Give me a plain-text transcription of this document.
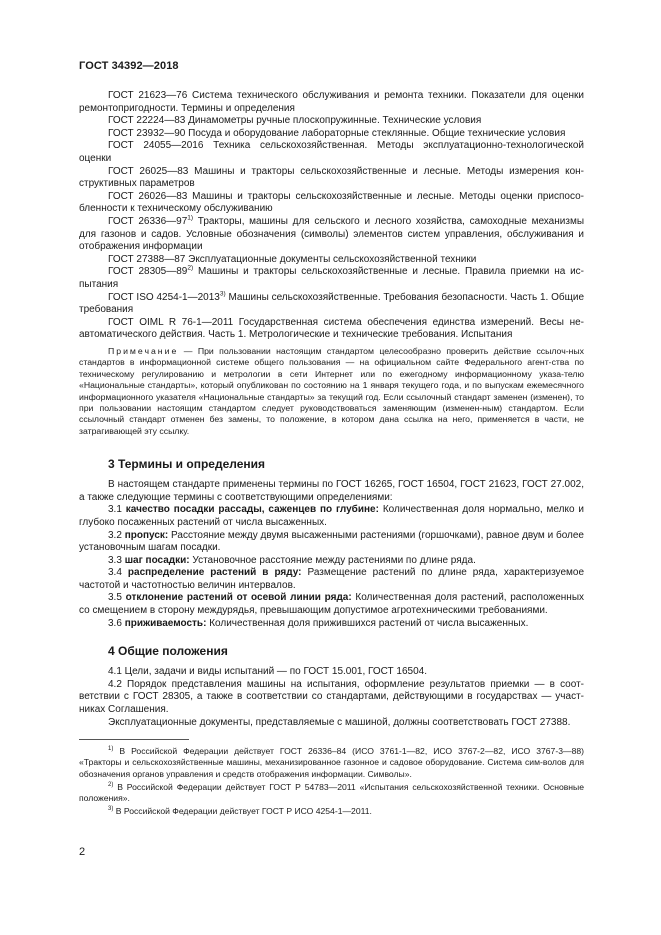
ГОСТ 34392—2018

ГОСТ 21623—76 Система технического обслуживания и ремонта техники. Показатели для оценки ремонтопригодности. Термины и определения

ГОСТ 22224—83 Динамометры ручные плоскопружинные. Технические условия

ГОСТ 23932—90 Посуда и оборудование лабораторные стеклянные. Общие технические условия

ГОСТ 24055—2016 Техника сельскохозяйственная. Методы эксплуатационно-технологической оценки

ГОСТ 26025—83 Машины и тракторы сельскохозяйственные и лесные. Методы измерения кон-структивных параметров

ГОСТ 26026—83 Машины и тракторы сельскохозяйственные и лесные. Методы оценки приспосо-бленности к техническому обслуживанию

ГОСТ 26336—97$^{1)}$ Тракторы, машины для сельского и лесного хозяйства, самоходные механизмы для газонов и садов. Условные обозначения (символы) элементов систем управления, обслуживания и отображения информации

ГОСТ 27388—87 Эксплуатационные документы сельскохозяйственной техники

ГОСТ 28305—89$^{2)}$ Машины и тракторы сельскохозяйственные и лесные. Правила приемки на ис-пытания

ГОСТ ISO 4254-1—2013$^{3)}$ Машины сельскохозяйственные. Требования безопасности. Часть 1. Общие требования

ГОСТ OIML R 76-1—2011 Государственная система обеспечения единства измерений. Весы не-автоматического действия. Часть 1. Метрологические и технические требования. Испытания

Примечание — При пользовании настоящим стандартом целесообразно проверить действие ссылоч-ных стандартов в информационной системе общего пользования — на официальном сайте Федерального агент-ства по техническому регулированию и метрологии в сети Интернет или по ежегодному информационному указа-телю «Национальные стандарты», который опубликован по состоянию на 1 января текущего года, и по выпускам ежемесячного информационного указателя «Национальные стандарты» за текущий год. Если ссылочный стандарт заменен (изменен), то при пользовании настоящим стандартом следует руководствоваться заменяющим (изменен-ным) стандартом. Если ссылочный стандарт отменен без замены, то положение, в котором дана ссылка на него, применяется в части, не затрагивающей эту ссылку.

3 Термины и определения

В настоящем стандарте применены термины по ГОСТ 16265, ГОСТ 16504, ГОСТ 21623, ГОСТ 27.002, а также следующие термины с соответствующими определениями:

3.1 качество посадки рассады, саженцев по глубине: Количественная доля нормально, мелко и глубоко посаженных растений от числа высаженных.

3.2 пропуск: Расстояние между двумя высаженными растениями (горшочками), равное двум и более установочным шагам посадки.

3.3 шаг посадки: Установочное расстояние между растениями по длине ряда.

3.4 распределение растений в ряду: Размещение растений по длине ряда, характеризуемое частотой и частотностью величин интервалов.

3.5 отклонение растений от осевой линии ряда: Количественная доля растений, расположенных со смещением в сторону междурядья, превышающим допустимое агротехническими требованиями.

3.6 приживаемость: Количественная доля прижившихся растений от числа высаженных.

4 Общие положения

4.1 Цели, задачи и виды испытаний — по ГОСТ 15.001, ГОСТ 16504.

4.2 Порядок представления машины на испытания, оформление результатов приемки — в соот-ветствии с ГОСТ 28305, а также в соответствии со стандартами, действующими в государствах — участ-никах Соглашения.

Эксплуатационные документы, представляемые с машиной, должны соответствовать ГОСТ 27388.

$^{1)}$ В Российской Федерации действует ГОСТ 26336–84 (ИСО 3761-1—82, ИСО 3767-2—82, ИСО 3767-3—88) «Тракторы и сельскохозяйственные машины, механизированное газонное и садовое оборудование. Система сим-волов для обозначения органов управления и средств отображения информации. Символы».

$^{2)}$ В Российской Федерации действует ГОСТ Р 54783—2011 «Испытания сельскохозяйственной техники. Основные положения».

$^{3)}$ В Российской Федерации действует ГОСТ Р ИСО 4254-1—2011.

2
